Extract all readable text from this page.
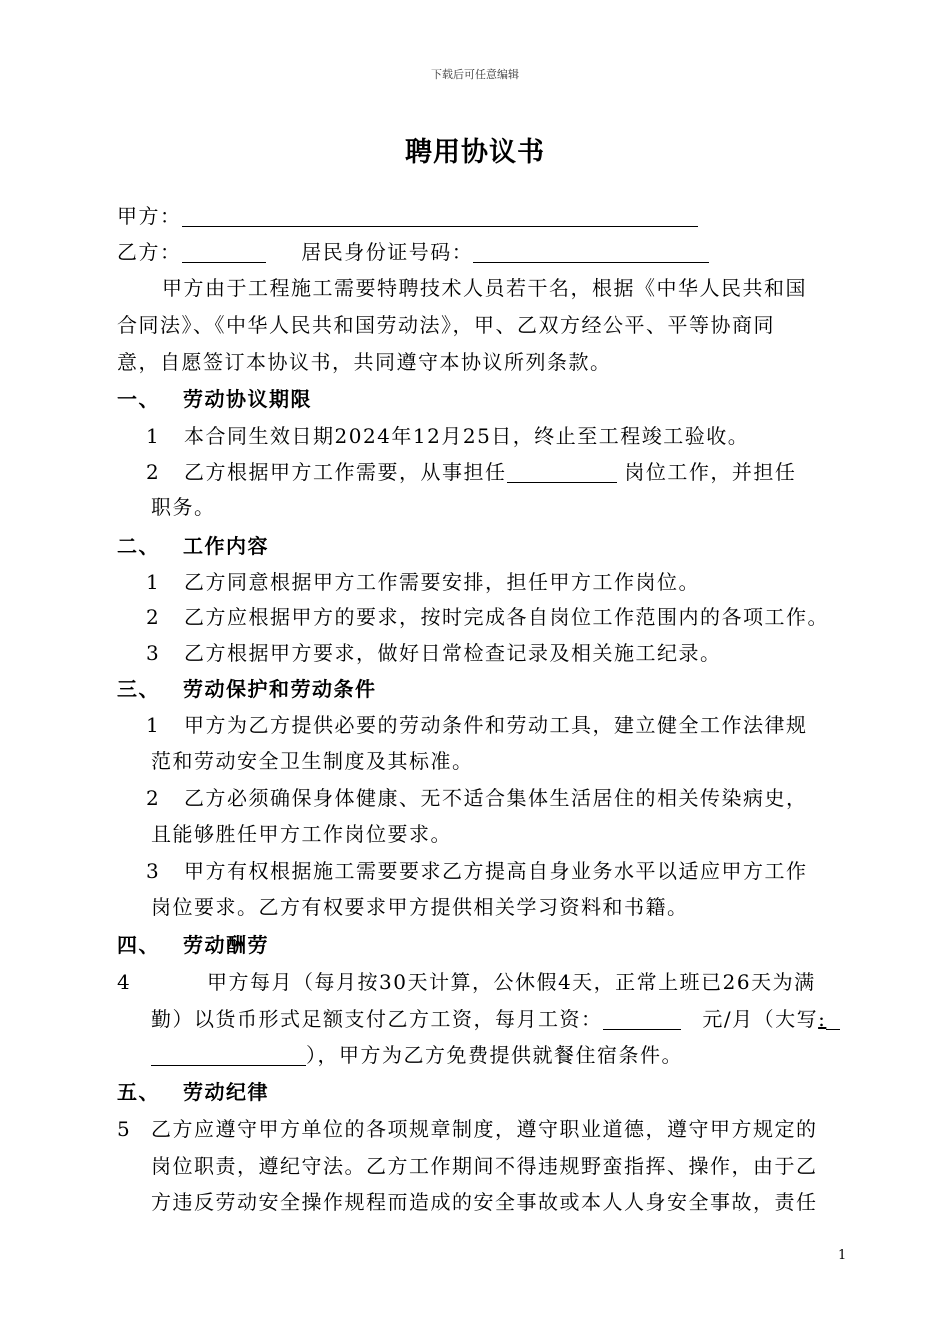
下载后可任意编辑
聘用协议书
甲方：
乙方：	居民身份证号码：
甲方由于工程施工需要特聘技术人员若干名，根据《中华人民共和国
合同法》、《中华人民共和国劳动法》，甲、乙双方经公平、平等协商同
意，自愿签订本协议书，共同遵守本协议所列条款。
一、 劳动协议期限
1 本合同生效日期2024年12月25日，终止至工程竣工验收。
2 乙方根据甲方工作需要，从事担任	岗位工作，并担任
职务。
二、 工作内容
1 乙方同意根据甲方工作需要安排，担任甲方工作岗位。
2 乙方应根据甲方的要求，按时完成各自岗位工作范围内的各项工作。
3 乙方根据甲方要求，做好日常检查记录及相关施工纪录。
三、 劳动保护和劳动条件
1 甲方为乙方提供必要的劳动条件和劳动工具，建立健全工作法律规
范和劳动安全卫生制度及其标准。
2 乙方必须确保身体健康、无不适合集体生活居住的相关传染病史，
且能够胜任甲方工作岗位要求。
3 甲方有权根据施工需要要求乙方提高自身业务水平以适应甲方工作
岗位要求。乙方有权要求甲方提供相关学习资料和书籍。
四、 劳动酬劳
4	甲方每月（每月按30天计算，公休假4天，正常上班已26天为满
勤）以货币形式足额支付乙方工资，每月工资：	元/月（大写:
），甲方为乙方免费提供就餐住宿条件。
五、 劳动纪律
5 乙方应遵守甲方单位的各项规章制度，遵守职业道德，遵守甲方规定的
岗位职责，遵纪守法。乙方工作期间不得违规野蛮指挥、操作，由于乙
方违反劳动安全操作规程而造成的安全事故或本人人身安全事故，责任
1
